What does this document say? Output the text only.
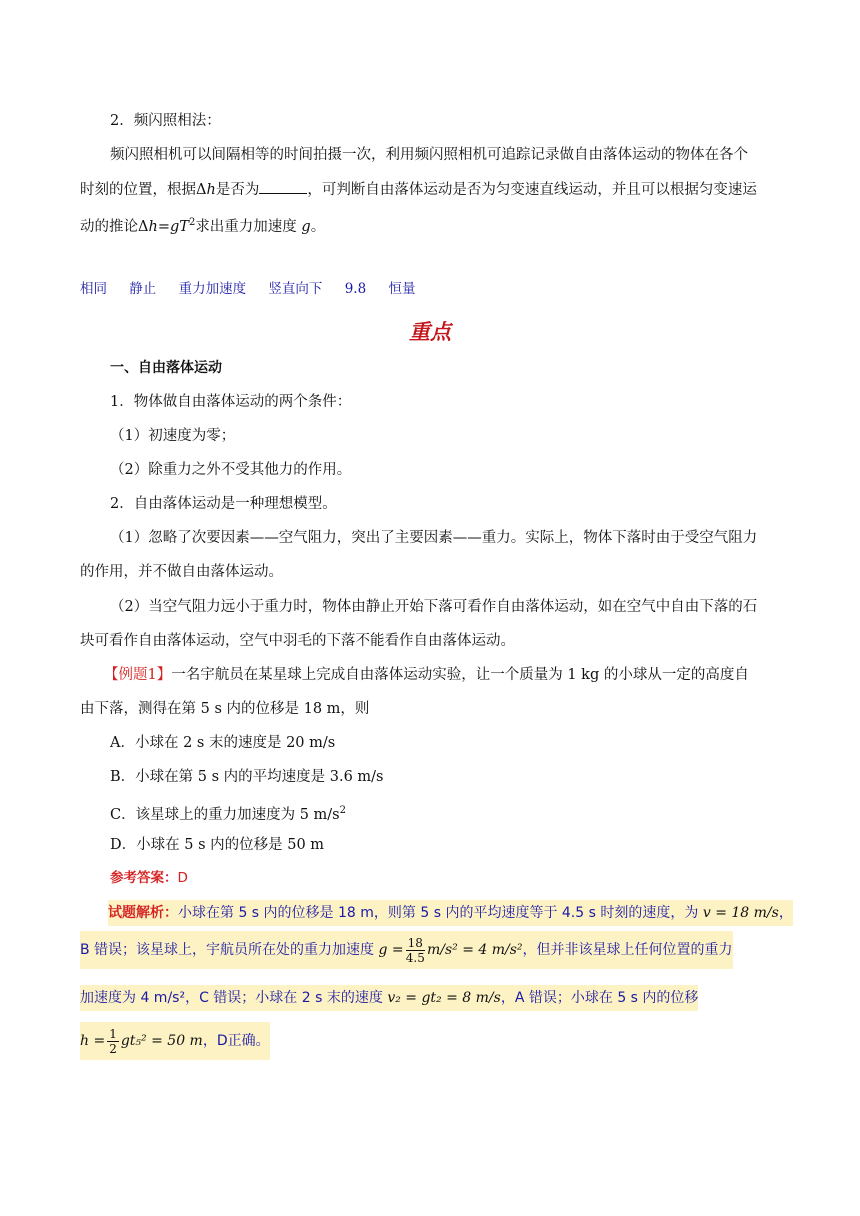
2．频闪照相法：
频闪照相机可以间隔相等的时间拍摄一次，利用频闪照相机可追踪记录做自由落体运动的物体在各个
时刻的位置，根据Δh是否为	，可判断自由落体运动是否为匀变速直线运动，并且可以根据匀变速运
动的推论$\Delta h=gT^2$求出重力加速度 g。
相同 静止 重力加速度 竖直向下 9.8 恒量
重点
一、自由落体运动
1．物体做自由落体运动的两个条件：
（1）初速度为零；
（2）除重力之外不受其他力的作用。
2．自由落体运动是一种理想模型。
（1）忽略了次要因素——空气阻力，突出了主要因素——重力。实际上，物体下落时由于受空气阻力
的作用，并不做自由落体运动。
（2）当空气阻力远小于重力时，物体由静止开始下落可看作自由落体运动，如在空气中自由下落的石
块可看作自由落体运动，空气中羽毛的下落不能看作自由落体运动。
【例题1】一名宇航员在某星球上完成自由落体运动实验，让一个质量为 1 kg 的小球从一定的高度自
由下落，测得在第 5 s 内的位移是 18 m，则
A．小球在 2 s 末的速度是 20 m/s
B．小球在第 5 s 内的平均速度是 3.6 m/s
C．该星球上的重力加速度为 5 $m/s^2$
D．小球在 5 s 内的位移是 50 m
参考答案：D
试题解析：小球在第 5 s 内的位移是 18 m，则第 5 s 内的平均速度等于 4.5 s 时刻的速度，为 v = 18 m/s，
B 错误；该星球上，宇航员所在处的重力加速度 $g = \frac{18}{4.5} m/s^2 = 4$ m/s²，但并非该星球上任何位置的重力
加速度为 4 m/s²，C 错误；小球在 2 s 末的速度 v₂ = gt₂ = 8 m/s，A 错误；小球在 5 s 内的位移
$h = \frac{1}{2} gt_5^2 = 50$ m，D正确。
